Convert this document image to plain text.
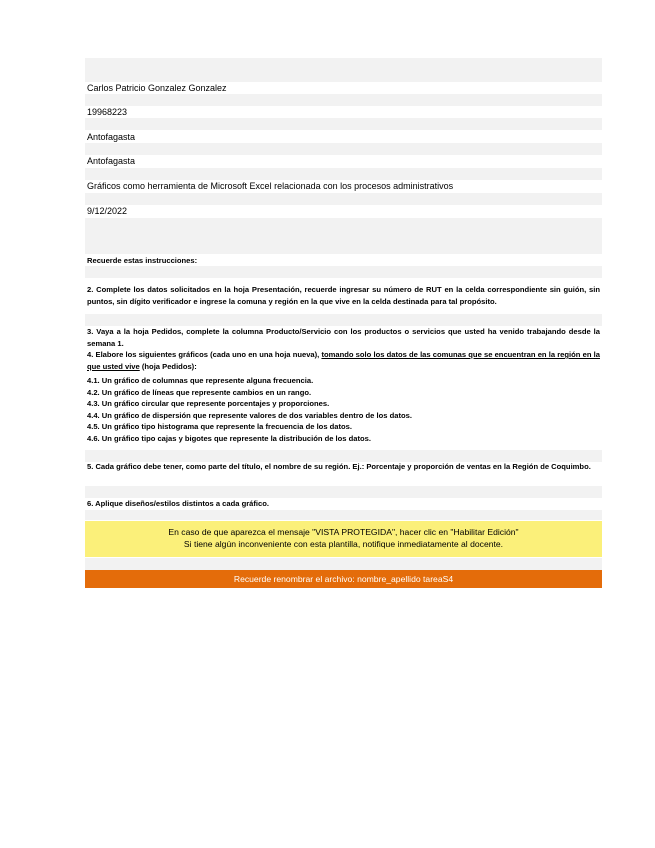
Carlos Patricio Gonzalez Gonzalez
19968223
Antofagasta
Antofagasta
Gráficos como herramienta de Microsoft Excel relacionada con los procesos administrativos
9/12/2022
Recuerde estas instrucciones:
2. Complete los datos solicitados en la hoja Presentación, recuerde ingresar su número de RUT en la celda correspondiente sin guión, sin puntos, sin dígito verificador e ingrese la comuna y región en la que vive en la celda destinada para tal propósito.
3. Vaya a la hoja Pedidos, complete la columna Producto/Servicio con los productos o servicios que usted ha venido trabajando desde la semana 1.
4. Elabore los siguientes gráficos (cada uno en una hoja nueva), tomando solo los datos de las comunas que se encuentran en la región en la que usted vive (hoja Pedidos):

4.1. Un gráfico de columnas que represente alguna frecuencia.

4.2. Un gráfico de líneas que represente cambios en un rango.

4.3. Un gráfico circular que represente porcentajes y proporciones.

4.4. Un gráfico de dispersión que represente valores de dos variables dentro de los datos.

4.5. Un gráfico tipo histograma que represente la frecuencia de los datos.

4.6. Un gráfico tipo cajas y bigotes que represente la distribución de los datos.

5. Cada gráfico debe tener, como parte del título, el nombre de su región. Ej.: Porcentaje y proporción de ventas en la Región de Coquimbo.
6. Aplique diseños/estilos distintos a cada gráfico.
En caso de que aparezca el mensaje "VISTA PROTEGIDA", hacer clic en "Habilitar Edición"
Si tiene algún inconveniente con esta plantilla, notifique inmediatamente al docente.
Recuerde renombrar el archivo: nombre_apellido tareaS4
